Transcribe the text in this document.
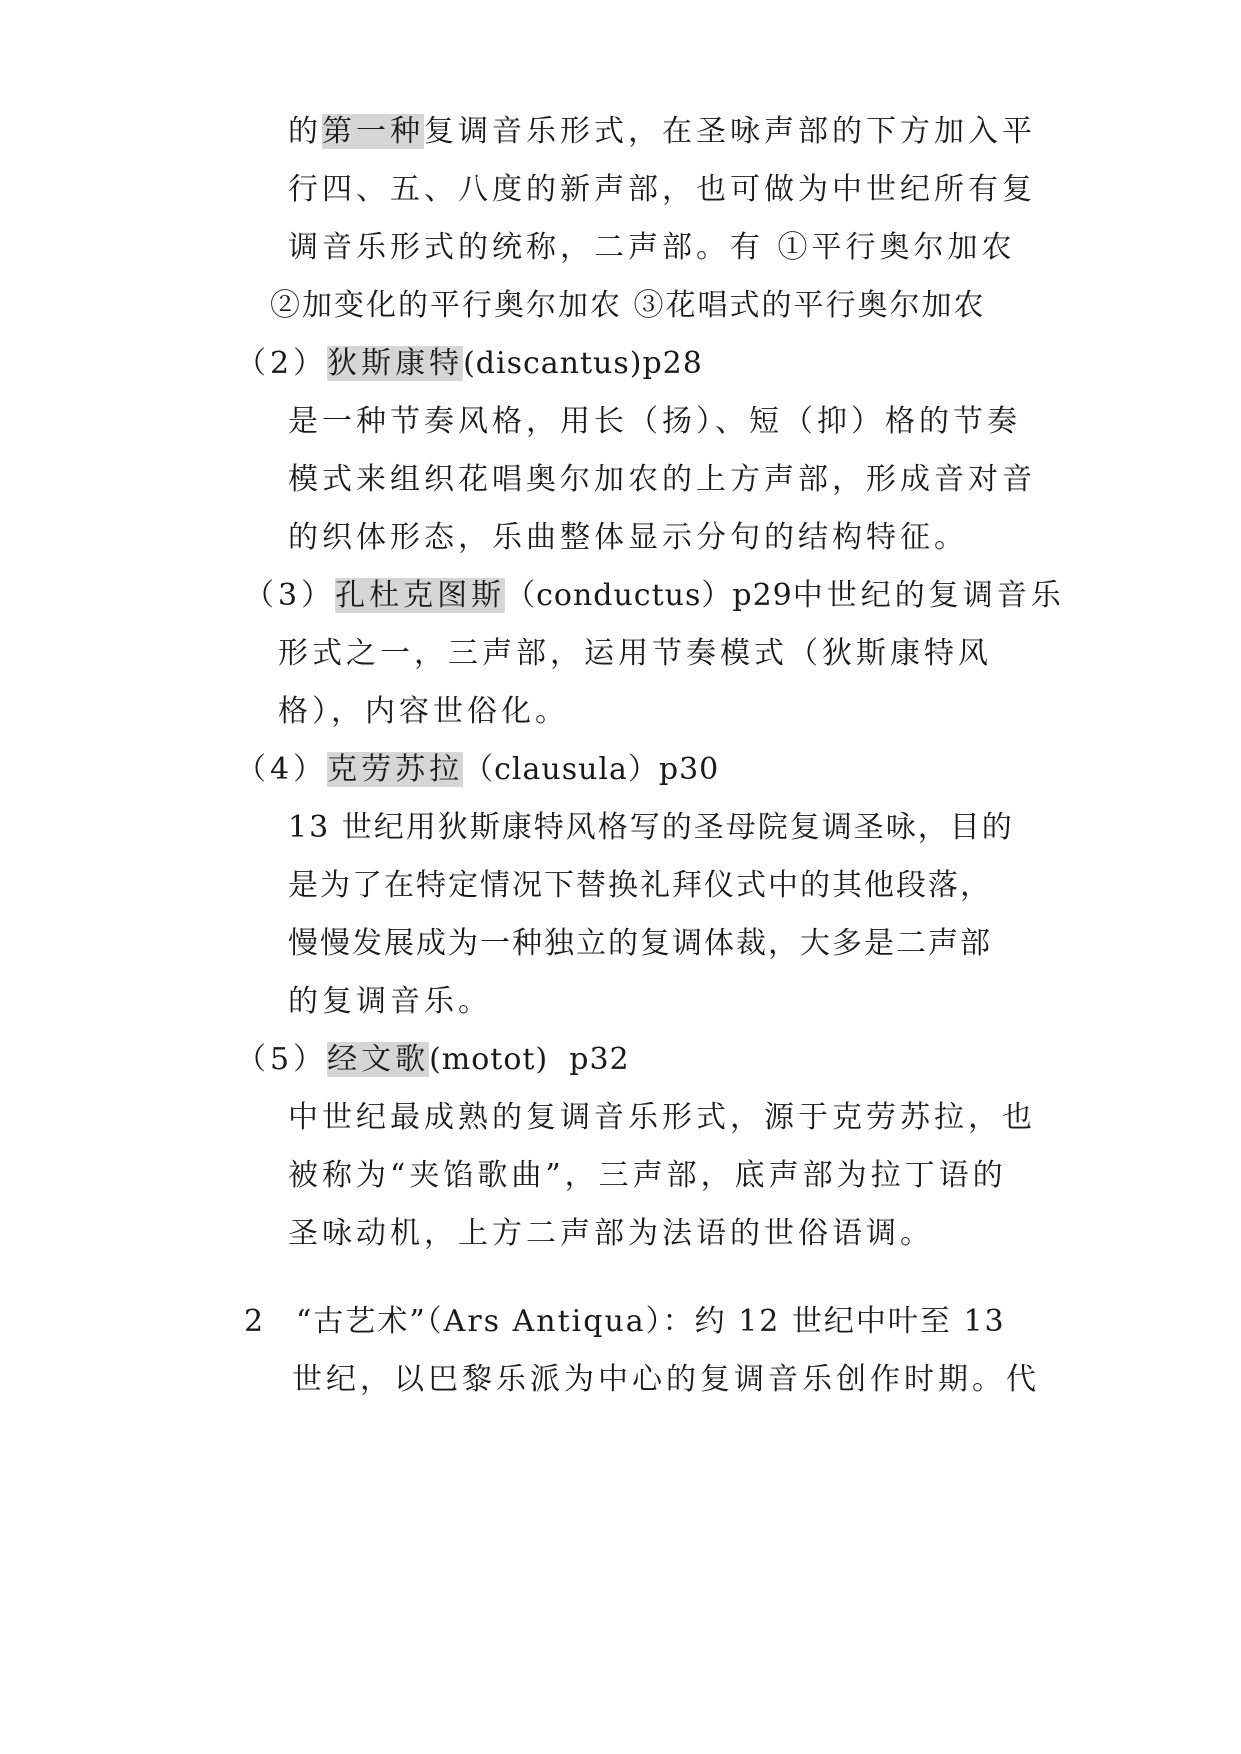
的第一种复调音乐形式，在圣咏声部的下方加入平
行四、五、八度的新声部，也可做为中世纪所有复
调音乐形式的统称，二声部。有 ①平行奥尔加农
②加变化的平行奥尔加农 ③花唱式的平行奥尔加农
（2）狄斯康特(discantus)p28
是一种节奏风格，用长（扬）、短（抑）格的节奏
模式来组织花唱奥尔加农的上方声部，形成音对音
的织体形态，乐曲整体显示分句的结构特征。
（3）孔杜克图斯（conductus）p29中世纪的复调音乐
形式之一，三声部，运用节奏模式（狄斯康特风
格），内容世俗化。
（4）克劳苏拉（clausula）p30
13 世纪用狄斯康特风格写的圣母院复调圣咏，目的
是为了在特定情况下替换礼拜仪式中的其他段落，
慢慢发展成为一种独立的复调体裁，大多是二声部
的复调音乐。
（5）经文歌(motot)  p32
中世纪最成熟的复调音乐形式，源于克劳苏拉，也
被称为“夹馅歌曲”，三声部，底声部为拉丁语的
圣咏动机，上方二声部为法语的世俗语调。
2 “古艺术”（Ars Antiqua）：约 12 世纪中叶至 13
世纪，以巴黎乐派为中心的复调音乐创作时期。代
